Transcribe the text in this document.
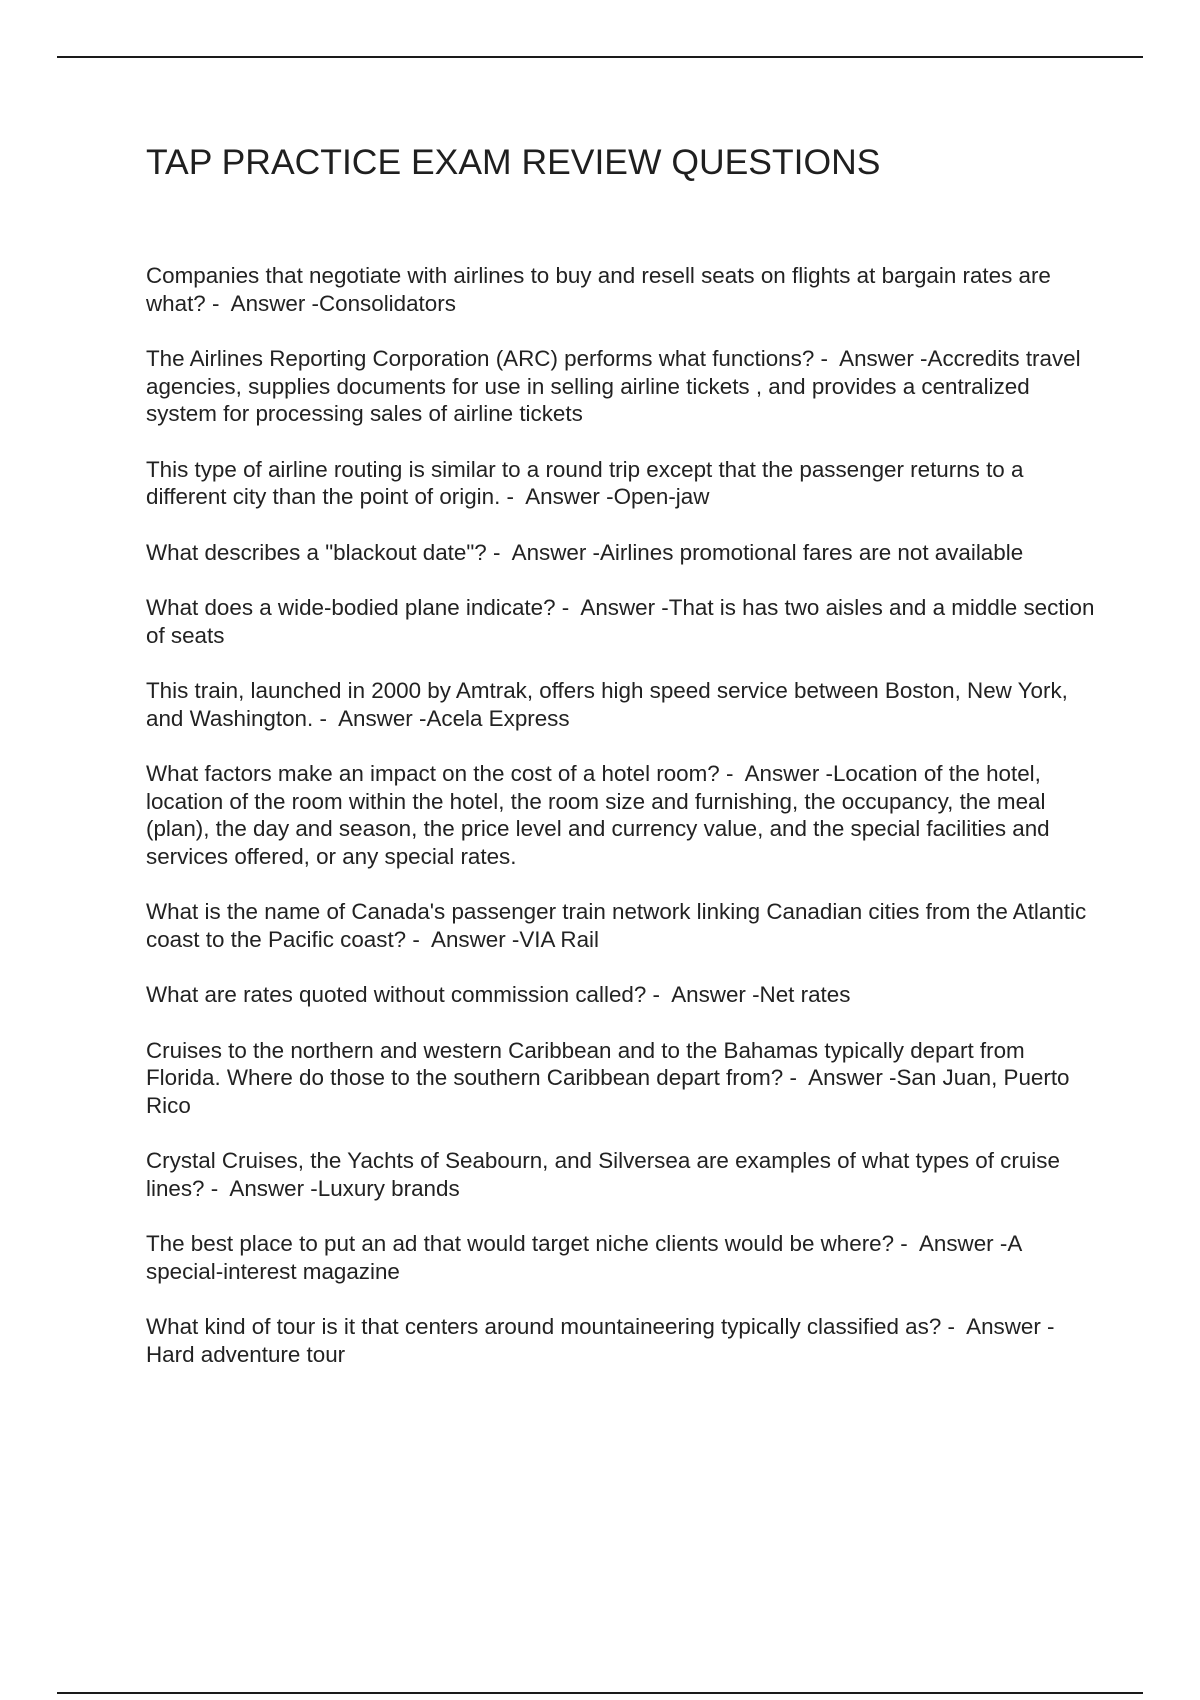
TAP PRACTICE EXAM REVIEW QUESTIONS
Companies that negotiate with airlines to buy and resell seats on flights at bargain rates are what? -  Answer -Consolidators
The Airlines Reporting Corporation (ARC) performs what functions? -  Answer -Accredits travel agencies, supplies documents for use in selling airline tickets , and provides a centralized system for processing sales of airline tickets
This type of airline routing is similar to a round trip except that the passenger returns to a different city than the point of origin. -  Answer -Open-jaw
What describes a "blackout date"? -  Answer -Airlines promotional fares are not available
What does a wide-bodied plane indicate? -  Answer -That is has two aisles and a middle section of seats
This train, launched in 2000 by Amtrak, offers high speed service between Boston, New York, and Washington. -  Answer -Acela Express
What factors make an impact on the cost of a hotel room? -  Answer -Location of the hotel, location of the room within the hotel, the room size and furnishing, the occupancy, the meal (plan), the day and season, the price level and currency value, and the special facilities and services offered, or any special rates.
What is the name of Canada's passenger train network linking Canadian cities from the Atlantic coast to the Pacific coast? -  Answer -VIA Rail
What are rates quoted without commission called? -  Answer -Net rates
Cruises to the northern and western Caribbean and to the Bahamas typically depart from Florida. Where do those to the southern Caribbean depart from? -  Answer -San Juan, Puerto Rico
Crystal Cruises, the Yachts of Seabourn, and Silversea are examples of what types of cruise lines? -  Answer -Luxury brands
The best place to put an ad that would target niche clients would be where? -  Answer -A special-interest magazine
What kind of tour is it that centers around mountaineering typically classified as? -  Answer -Hard adventure tour
